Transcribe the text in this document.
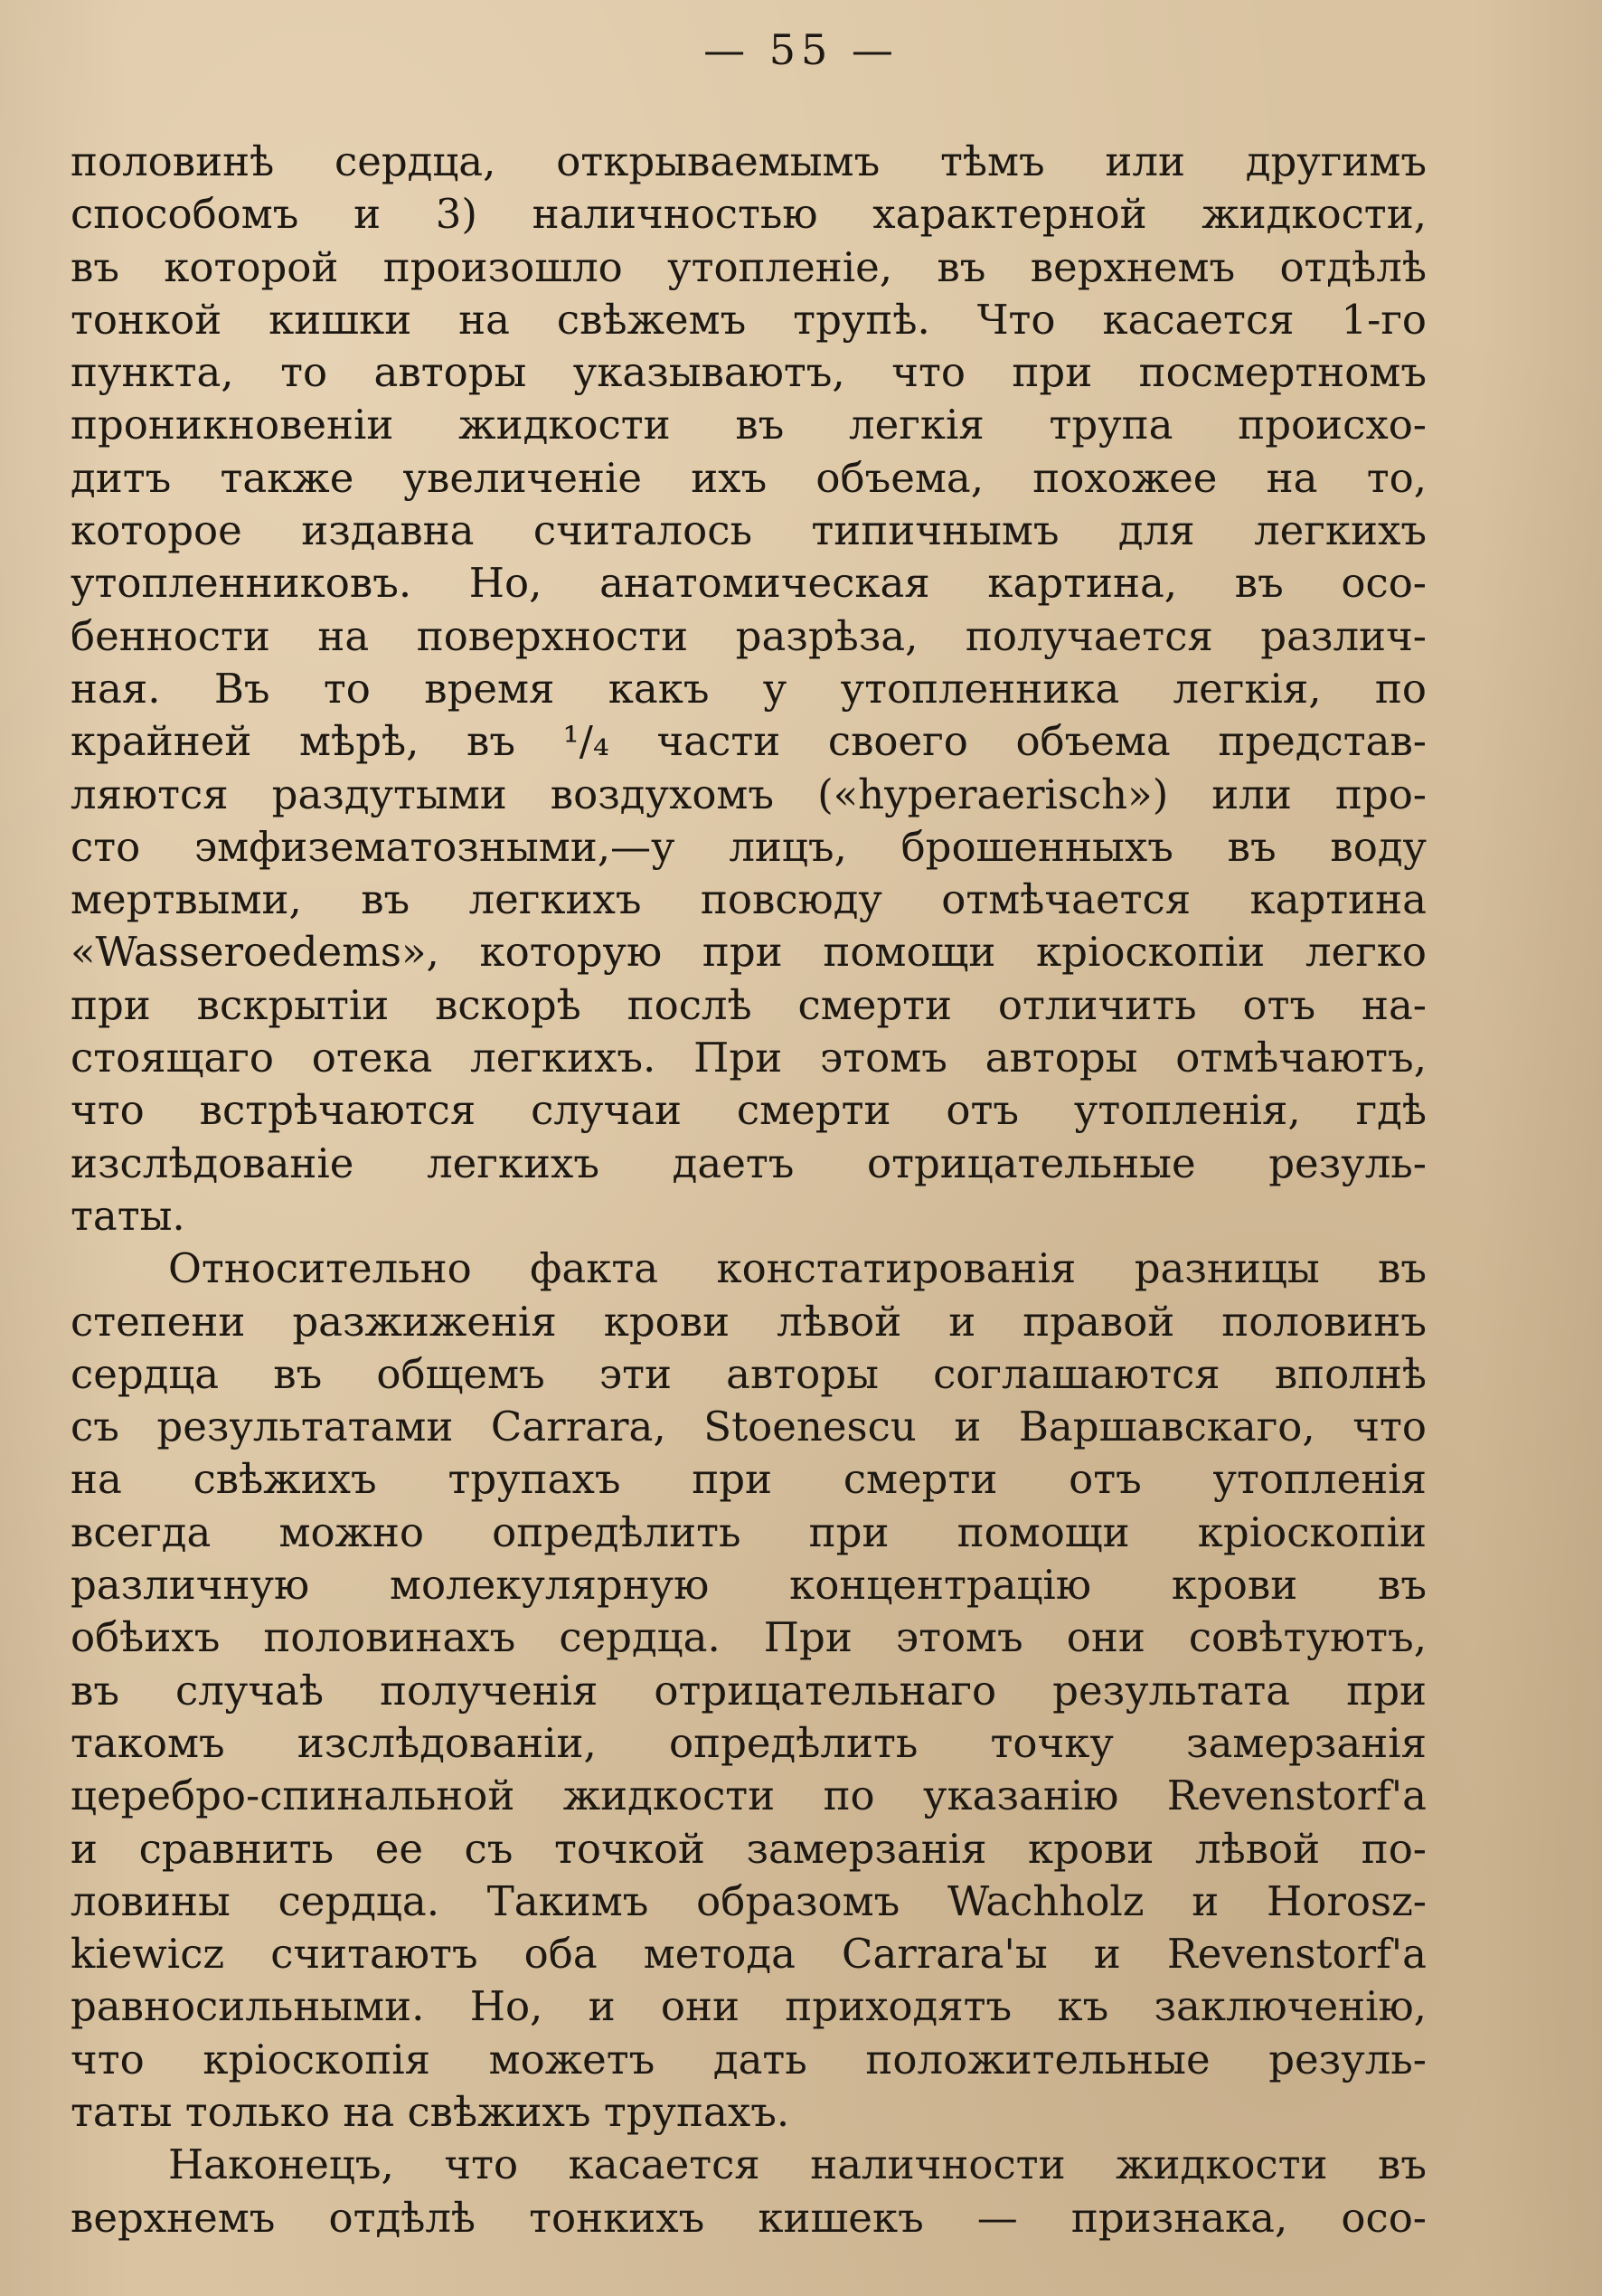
— 55 —
половинѣ сердца, открываемымъ тѣмъ или другимъ
способомъ и 3) наличностью характерной жидкости,
въ которой произошло утопленіе, въ верхнемъ отдѣлѣ
тонкой кишки на свѣжемъ трупѣ. Что касается 1-го
пункта, то авторы указываютъ, что при посмертномъ
проникновеніи жидкости въ легкія трупа происхо-
дитъ также увеличеніе ихъ объема, похожее на то,
которое издавна считалось типичнымъ для легкихъ
утопленниковъ. Но, анатомическая картина, въ осо-
бенности на поверхности разрѣза, получается различ-
ная. Въ то время какъ у утопленника легкія, по
крайней мѣрѣ, въ ¹/₄ части своего объема представ-
ляются раздутыми воздухомъ («hyperaerisch») или про-
сто эмфизематозными,—у лицъ, брошенныхъ въ воду
мертвыми, въ легкихъ повсюду отмѣчается картина
«Wasseroedems», которую при помощи кріоскопіи легко
при вскрытіи вскорѣ послѣ смерти отличить отъ на-
стоящаго отека легкихъ. При этомъ авторы отмѣчаютъ,
что встрѣчаются случаи смерти отъ утопленія, гдѣ
изслѣдованіе легкихъ даетъ отрицательные резуль-
таты.
Относительно факта констатированія разницы въ
степени разжиженія крови лѣвой и правой половинъ
сердца въ общемъ эти авторы соглашаются вполнѣ
съ результатами Carrara, Stoenescu и Варшавскаго, что
на свѣжихъ трупахъ при смерти отъ утопленія
всегда можно опредѣлить при помощи кріоскопіи
различную молекулярную концентрацію крови въ
обѣихъ половинахъ сердца. При этомъ они совѣтуютъ,
въ случаѣ полученія отрицательнаго результата при
такомъ изслѣдованіи, опредѣлить точку замерзанія
церебро-спинальной жидкости по указанію Revenstorf'а
и сравнить ее съ точкой замерзанія крови лѣвой по-
ловины сердца. Такимъ образомъ Wachholz и Horosz-
kiewicz считаютъ оба метода Carrara'ы и Revenstorf'а
равносильными. Но, и они приходятъ къ заключенію,
что кріоскопія можетъ дать положительные резуль-
таты только на свѣжихъ трупахъ.
Наконецъ, что касается наличности жидкости въ
верхнемъ отдѣлѣ тонкихъ кишекъ — признака, осо-
